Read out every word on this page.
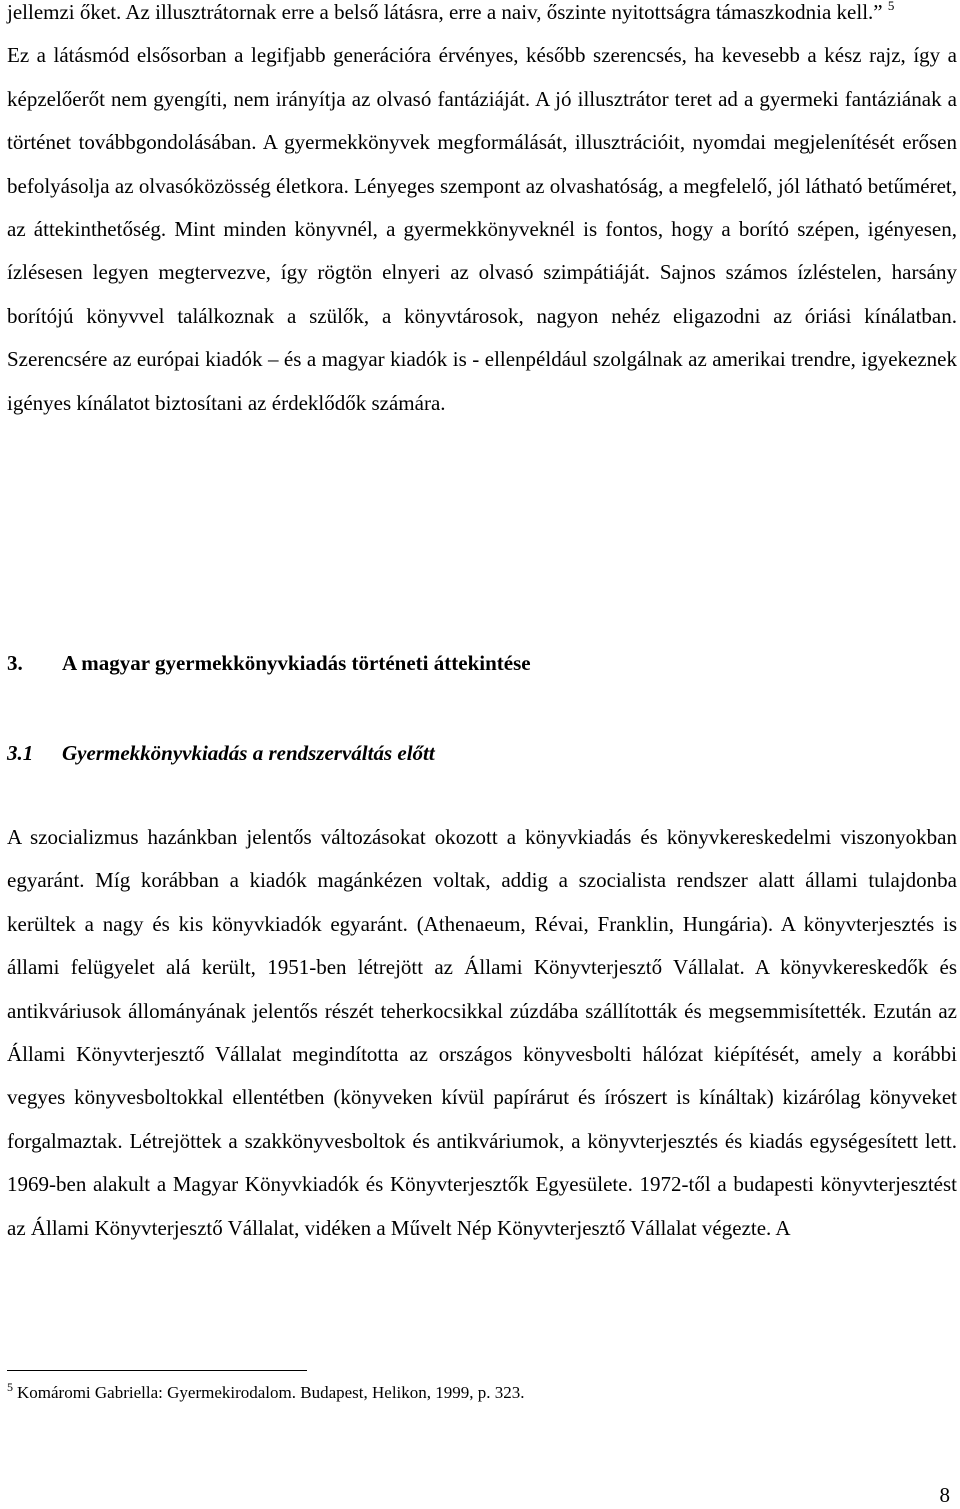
jellemzi őket. Az illusztrátornak erre a belső látásra, erre a naiv, őszinte nyitottságra támaszkodnia kell.” $^5$
Ez a látásmód elsősorban a legifjabb generációra érvényes, később szerencsés, ha kevesebb a kész rajz, így a képzelőerőt nem gyengíti, nem irányítja az olvasó fantáziáját. A jó illusztrátor teret ad a gyermeki fantáziának a történet továbbgondolásában. A gyermekkönyvek megformálását, illusztrációit, nyomdai megjelenítését erősen befolyásolja az olvasóközösség életkora. Lényeges szempont az olvashatóság, a megfelelő, jól látható betűméret, az áttekinthetőség. Mint minden könyvnél, a gyermekkönyveknél is fontos, hogy a borító szépen, igényesen, ízlésesen legyen megtervezve, így rögtön elnyeri az olvasó szimpátiáját. Sajnos számos ízléstelen, harsány borítójú könyvvel találkoznak a szülők, a könyvtárosok, nagyon nehéz eligazodni az óriási kínálatban. Szerencsére az európai kiadók – és a magyar kiadók is - ellenpéldául szolgálnak az amerikai trendre, igyekeznek igényes kínálatot biztosítani az érdeklődők számára.

3. A magyar gyermekkönyvkiadás történeti áttekintése
3.1 Gyermekkönyvkiadás a rendszerváltás előtt

A szocializmus hazánkban jelentős változásokat okozott a könyvkiadás és könyvkereskedelmi viszonyokban egyaránt. Míg korábban a kiadók magánkézen voltak, addig a szocialista rendszer alatt állami tulajdonba kerültek a nagy és kis könyvkiadók egyaránt. (Athenaeum, Révai, Franklin, Hungária). A könyvterjesztés is állami felügyelet alá került, 1951-ben létrejött az Állami Könyvterjesztő Vállalat. A könyvkereskedők és antikváriusok állományának jelentős részét teherkocsikkal zúzdába szállították és megsemmisítették. Ezután az Állami Könyvterjesztő Vállalat megindította az országos könyvesbolti hálózat kiépítését, amely a korábbi vegyes könyvesboltokkal ellentétben (könyveken kívül papírárut és írószert is kínáltak) kizárólag könyveket forgalmaztak. Létrejöttek a szakkönyvesboltok és antikváriumok, a könyvterjesztés és kiadás egységesített lett. 1969-ben alakult a Magyar Könyvkiadók és Könyvterjesztők Egyesülete. 1972-től a budapesti könyvterjesztést az Állami Könyvterjesztő Vállalat, vidéken a Művelt Nép Könyvterjesztő Vállalat végezte. A

$^5$ Komáromi Gabriella: Gyermekirodalom. Budapest, Helikon, 1999, p. 323.
8
